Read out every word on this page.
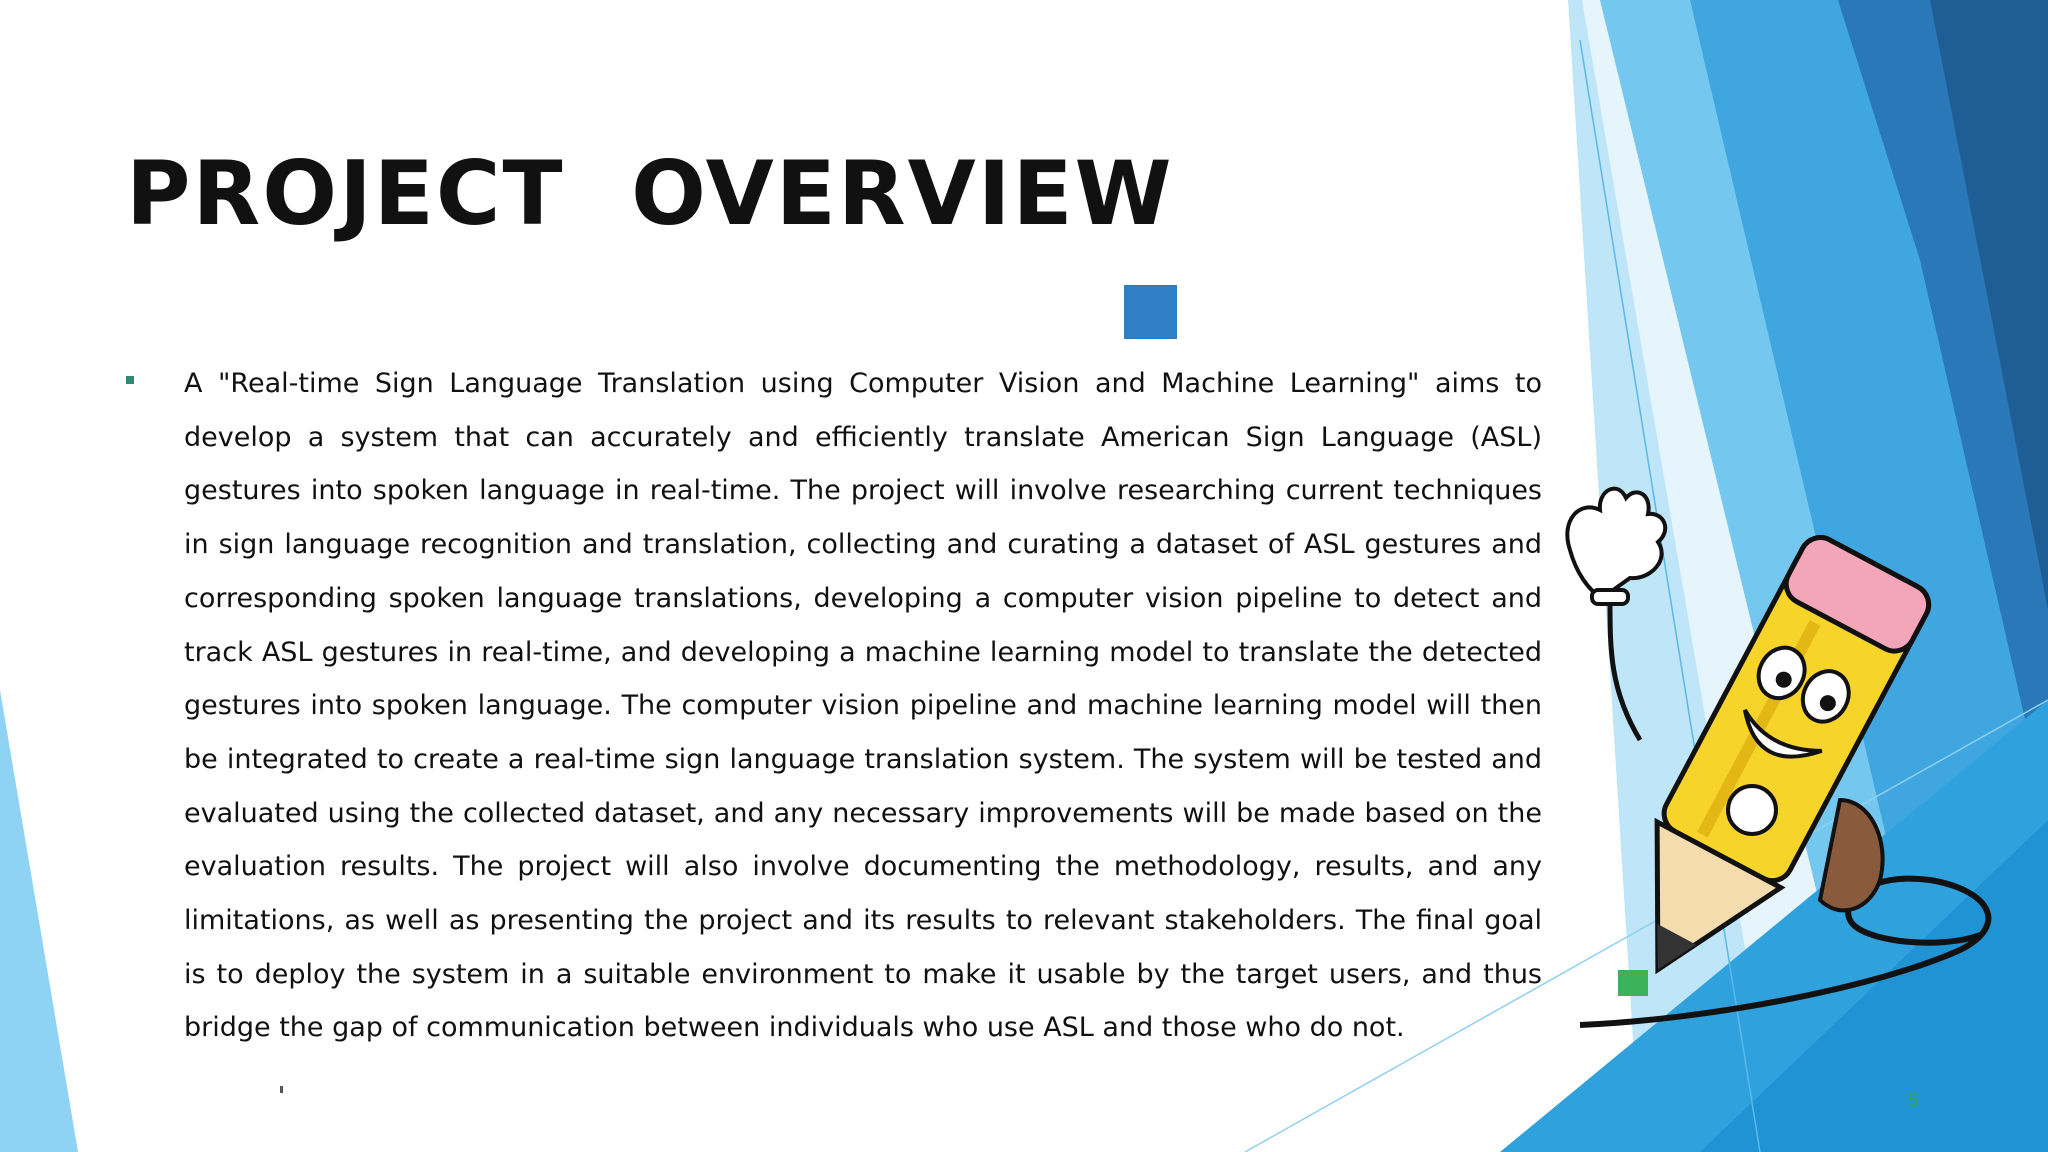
PROJECT OVERVIEW

A "Real-time Sign Language Translation using Computer Vision and Machine Learning" aims to develop a system that can accurately and efficiently translate American Sign Language (ASL) gestures into spoken language in real-time. The project will involve researching current techniques in sign language recognition and translation, collecting and curating a dataset of ASL gestures and corresponding spoken language translations, developing a computer vision pipeline to detect and track ASL gestures in real-time, and developing a machine learning model to translate the detected gestures into spoken language. The computer vision pipeline and machine learning model will then be integrated to create a real-time sign language translation system. The system will be tested and evaluated using the collected dataset, and any necessary improvements will be made based on the evaluation results. The project will also involve documenting the methodology, results, and any limitations, as well as presenting the project and its results to relevant stakeholders. The final goal is to deploy the system in a suitable environment to make it usable by the target users, and thus bridge the gap of communication between individuals who use ASL and those who do not.

5
